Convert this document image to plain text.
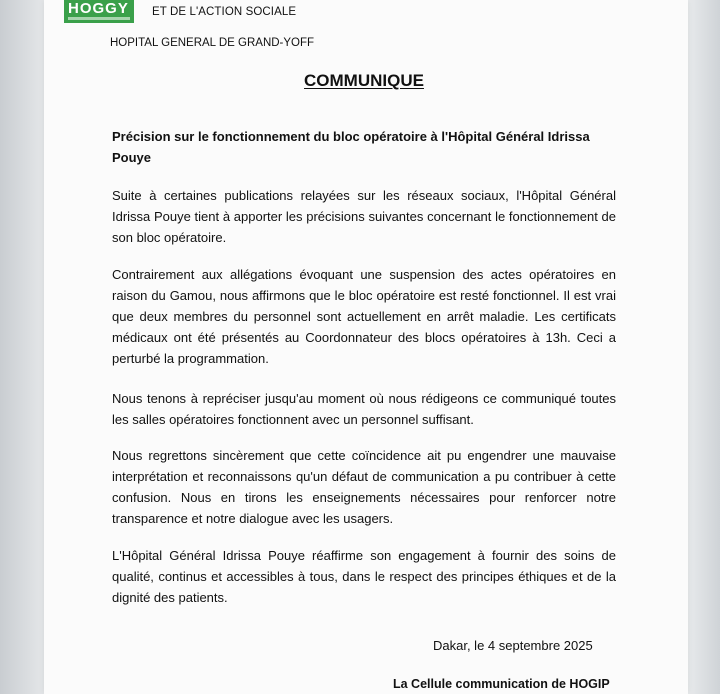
HOGGY ET DE L'ACTION SOCIALE
HOPITAL GENERAL DE GRAND-YOFF
COMMUNIQUE
Précision sur le fonctionnement du bloc opératoire à l'Hôpital Général Idrissa Pouye

Suite à certaines publications relayées sur les réseaux sociaux, l'Hôpital Général Idrissa Pouye tient à apporter les précisions suivantes concernant le fonctionnement de son bloc opératoire.

Contrairement aux allégations évoquant une suspension des actes opératoires en raison du Gamou, nous affirmons que le bloc opératoire est resté fonctionnel. Il est vrai que deux membres du personnel sont actuellement en arrêt maladie. Les certificats médicaux ont été présentés au Coordonnateur des blocs opératoires à 13h. Ceci a perturbé la programmation.

Nous tenons à repréciser jusqu'au moment où nous rédigeons ce communiqué toutes les salles opératoires fonctionnent avec un personnel suffisant.

Nous regrettons sincèrement que cette coïncidence ait pu engendrer une mauvaise interprétation et reconnaissons qu'un défaut de communication a pu contribuer à cette confusion. Nous en tirons les enseignements nécessaires pour renforcer notre transparence et notre dialogue avec les usagers.

L'Hôpital Général Idrissa Pouye réaffirme son engagement à fournir des soins de qualité, continus et accessibles à tous, dans le respect des principes éthiques et de la dignité des patients.

Dakar, le 4 septembre 2025
La Cellule communication de HOGIP
